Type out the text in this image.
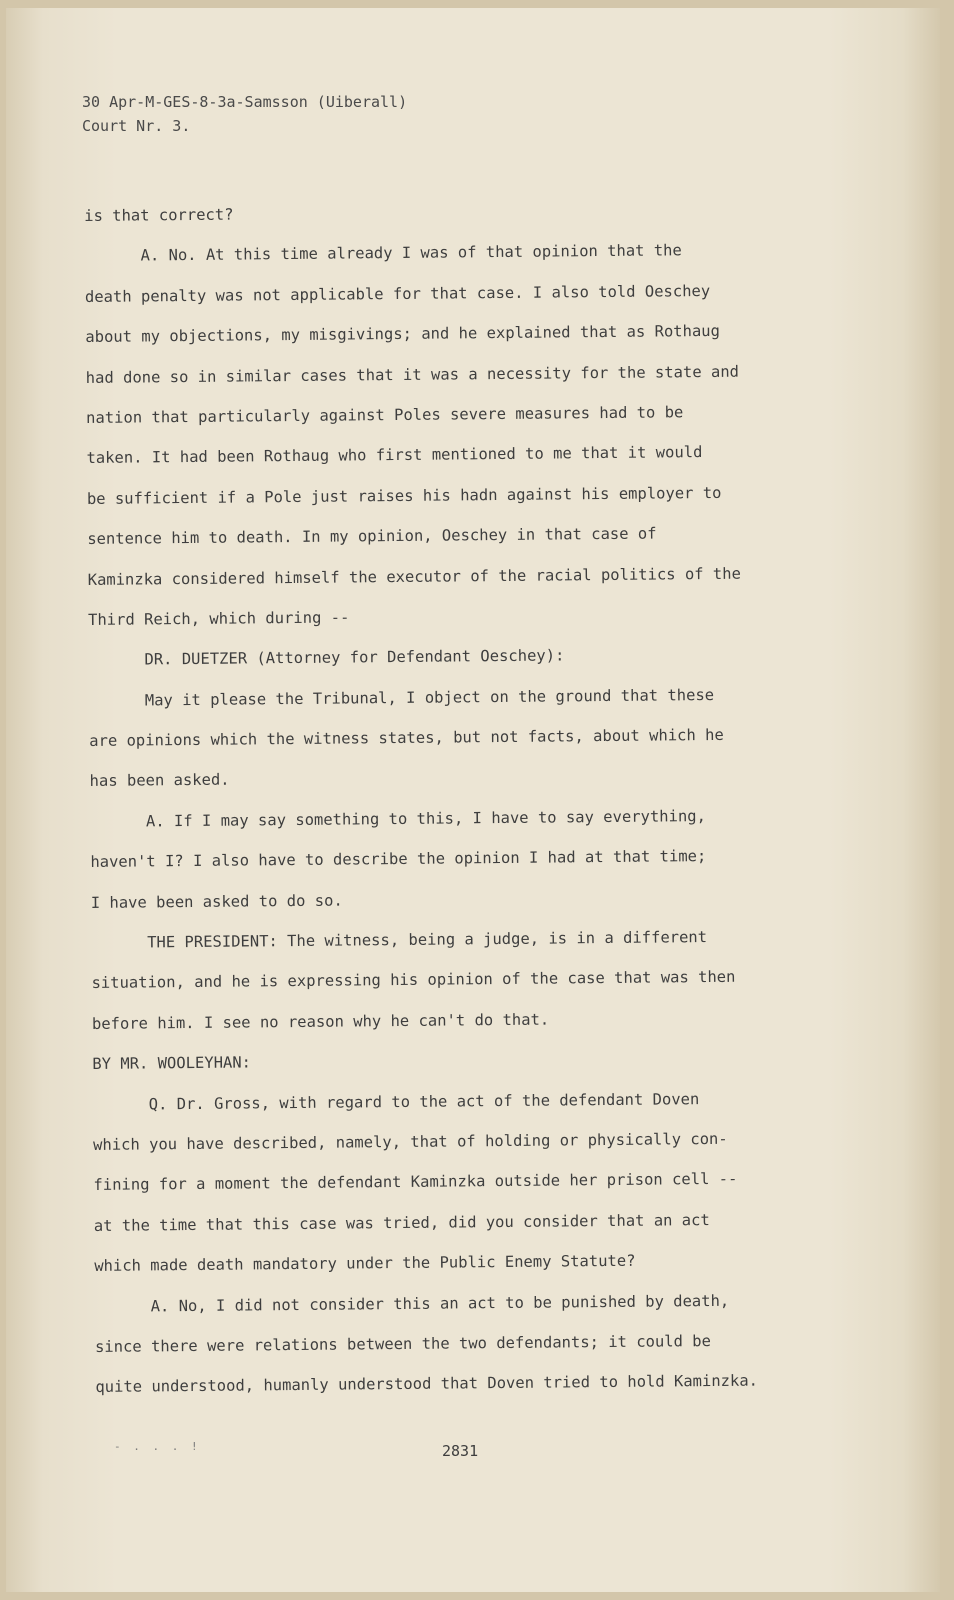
30 Apr-M-GES-8-3a-Samsson (Uiberall)
Court Nr. 3.
is that correct?
A. No. At this time already I was of that opinion that the
death penalty was not applicable for that case. I also told Oeschey
about my objections, my misgivings; and he explained that as Rothaug
had done so in similar cases that it was a necessity for the state and
nation that particularly against Poles severe measures had to be
taken. It had been Rothaug who first mentioned to me that it would
be sufficient if a Pole just raises his hadn against his employer to
sentence him to death. In my opinion, Oeschey in that case of
Kaminzka considered himself the executor of the racial politics of the
Third Reich, which during --
DR. DUETZER (Attorney for Defendant Oeschey):
May it please the Tribunal, I object on the ground that these
are opinions which the witness states, but not facts, about which he
has been asked.
A. If I may say something to this, I have to say everything,
haven't I? I also have to describe the opinion I had at that time;
I have been asked to do so.
THE PRESIDENT: The witness, being a judge, is in a different
situation, and he is expressing his opinion of the case that was then
before him. I see no reason why he can't do that.
BY MR. WOOLEYHAN:
Q. Dr. Gross, with regard to the act of the defendant Doven
which you have described, namely, that of holding or physically con-
fining for a moment the defendant Kaminzka outside her prison cell --
at the time that this case was tried, did you consider that an act
which made death mandatory under the Public Enemy Statute?
A. No, I did not consider this an act to be punished by death,
since there were relations between the two defendants; it could be
quite understood, humanly understood that Doven tried to hold Kaminzka.
- . . . !	2831
